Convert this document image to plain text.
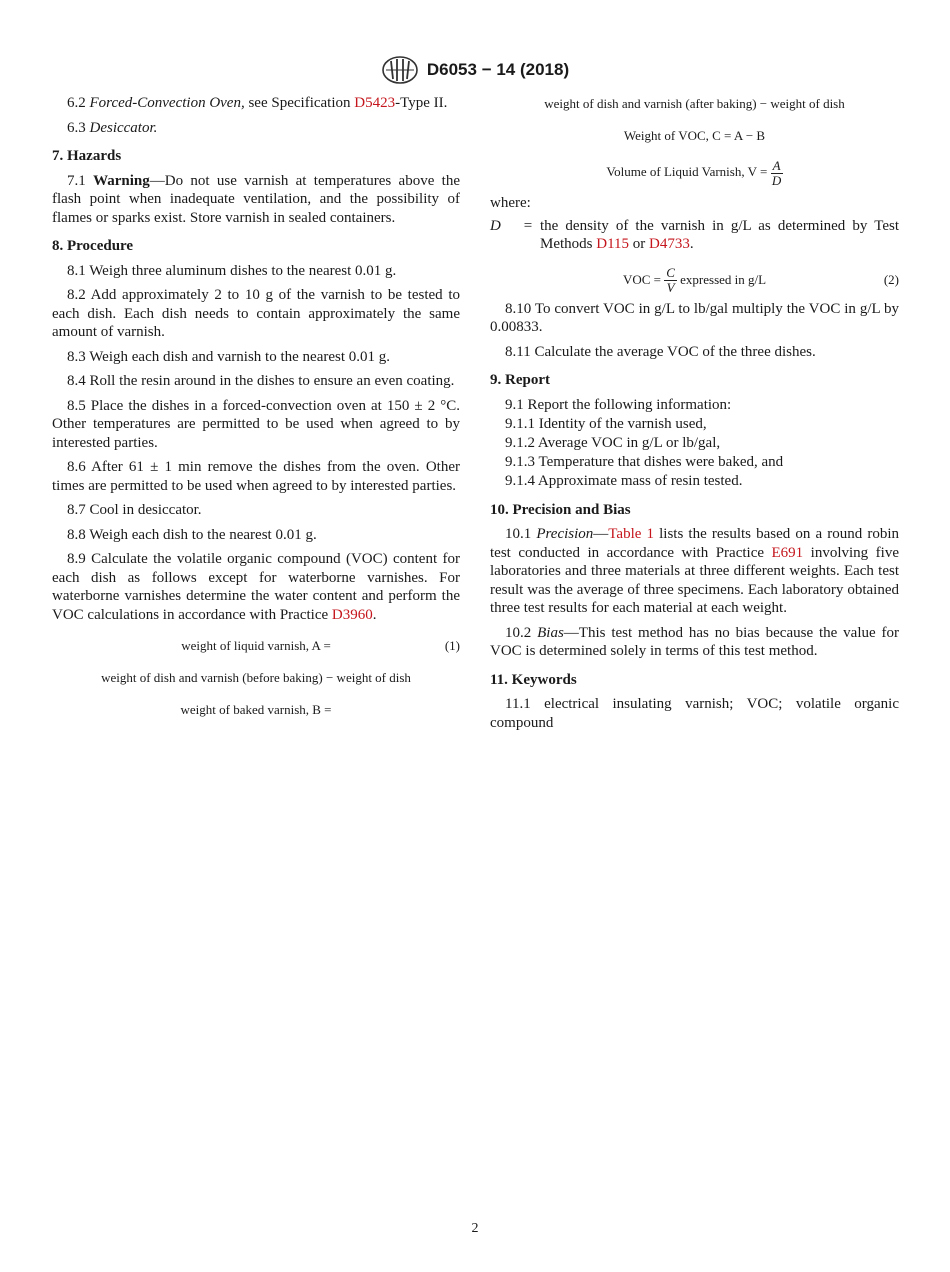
D6053 − 14 (2018)

6.2 Forced-Convection Oven, see Specification D5423-Type II.

6.3 Desiccator.

7. Hazards

7.1 Warning—Do not use varnish at temperatures above the flash point when inadequate ventilation, and the possibility of flames or sparks exist. Store varnish in sealed containers.

8. Procedure

8.1 Weigh three aluminum dishes to the nearest 0.01 g.

8.2 Add approximately 2 to 10 g of the varnish to be tested to each dish. Each dish needs to contain approximately the same amount of varnish.

8.3 Weigh each dish and varnish to the nearest 0.01 g.

8.4 Roll the resin around in the dishes to ensure an even coating.

8.5 Place the dishes in a forced-convection oven at 150 ± 2 °C. Other temperatures are permitted to be used when agreed to by interested parties.

8.6 After 61 ± 1 min remove the dishes from the oven. Other times are permitted to be used when agreed to by interested parties.

8.7 Cool in desiccator.

8.8 Weigh each dish to the nearest 0.01 g.

8.9 Calculate the volatile organic compound (VOC) content for each dish as follows except for waterborne varnishes. For waterborne varnishes determine the water content and perform the VOC calculations in accordance with Practice D3960.

weight of liquid varnish, A =	(1)
weight of dish and varnish (before baking) − weight of dish
weight of baked varnish, B =
weight of dish and varnish (after baking) − weight of dish
Weight of VOC, C = A − B
Volume of Liquid Varnish, $V = \frac{A}{D}$
where:
D	= the density of the varnish in g/L as determined by Test Methods D115 or D4733.
VOC = $\frac{C}{V}$ expressed in g/L	(2)

8.10 To convert VOC in g/L to lb/gal multiply the VOC in g/L by 0.00833.

8.11 Calculate the average VOC of the three dishes.

9. Report
9.1 Report the following information:
9.1.1 Identity of the varnish used,
9.1.2 Average VOC in g/L or lb/gal,
9.1.3 Temperature that dishes were baked, and
9.1.4 Approximate mass of resin tested.
10. Precision and Bias

10.1 Precision—Table 1 lists the results based on a round robin test conducted in accordance with Practice E691 involving five laboratories and three materials at three different weights. Each test result was the average of three specimens. Each laboratory obtained three test results for each material at each weight.

10.2 Bias—This test method has no bias because the value for VOC is determined solely in terms of this test method.

11. Keywords

11.1 electrical insulating varnish; VOC; volatile organic compound

2
